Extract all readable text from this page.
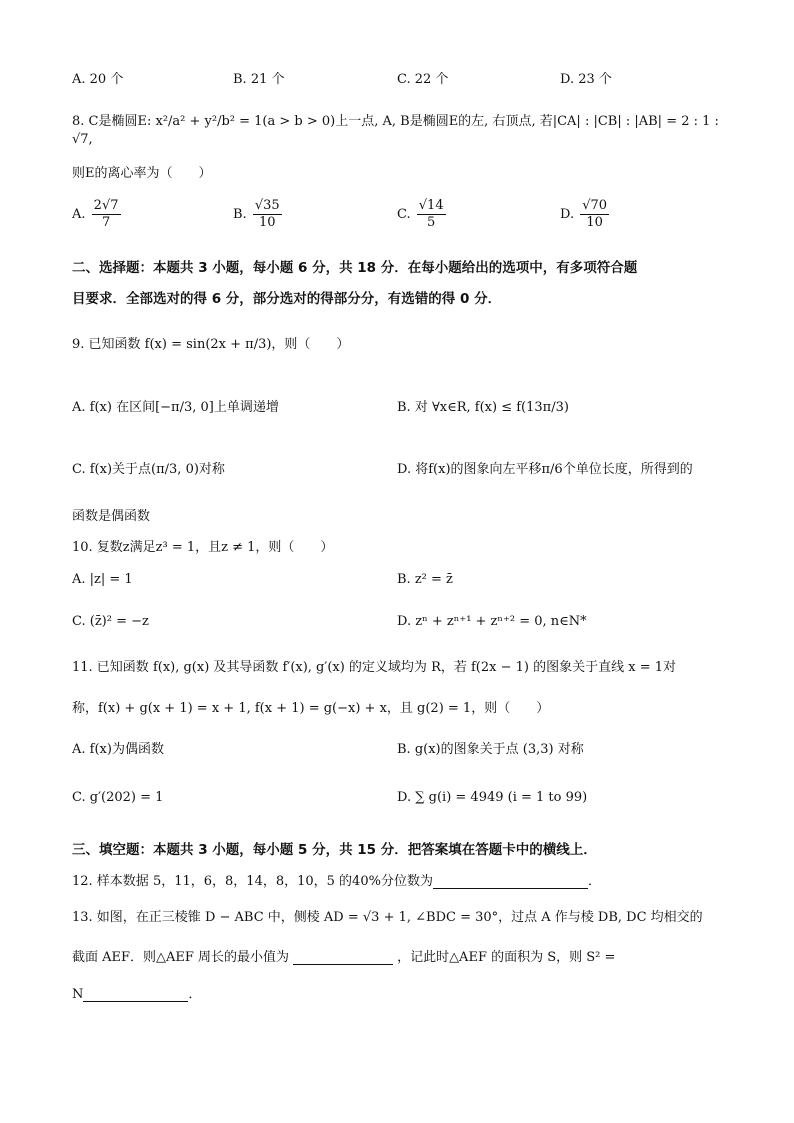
A. 20 个	B. 21 个	C. 22 个	D. 23 个
8. C是椭圆E: x²/a² + y²/b² = 1(a > b > 0)上一点, A, B是椭圆E的左, 右顶点, 若|CA| : |CB| : |AB| = 2 : 1 : √7,
则E的离心率为（　　）
A. $\frac{2√7}{7}$	B. $\frac{√35}{10}$	C. $\frac{√14}{5}$	D. $\frac{√70}{10}$
二、选择题：本题共 3 小题，每小题 6 分，共 18 分．在每小题给出的选项中，有多项符合题
目要求．全部选对的得 6 分，部分选对的得部分分，有选错的得 0 分．
9. 已知函数 f(x) = sin(2x + π/3)，则（　　）
A. f(x) 在区间[−π/3, 0]上单调递增	B. 对 ∀x∈R, f(x) ≤ f(13π/3)
C. f(x)关于点(π/3, 0)对称	D. 将f(x)的图象向左平移π/6个单位长度，所得到的
函数是偶函数
10. 复数z满足z³ = 1，且z ≠ 1，则（　　）
A. |z| = 1	B. z² = z̄
C. (z̄)² = −z	D. zⁿ + zⁿ⁺¹ + zⁿ⁺² = 0, n∈N*
11. 已知函数 f(x), g(x) 及其导函数 f′(x), g′(x) 的定义域均为 R，若 f(2x − 1) 的图象关于直线 x = 1对
称，f(x) + g(x + 1) = x + 1, f(x + 1) = g(−x) + x，且 g(2) = 1，则（　　）
A. f(x)为偶函数	B. g(x)的图象关于点 (3,3) 对称
C. g′(202) = 1	D. ∑ g(i) = 4949 (i = 1 to 99)
三、填空题：本题共 3 小题，每小题 5 分，共 15 分．把答案填在答题卡中的横线上．
12. 样本数据 5，11，6，8，14，8，10，5 的40%分位数为	．
13. 如图，在正三棱锥 D − ABC 中，侧棱 AD = √3 + 1, ∠BDC = 30°，过点 A 作与棱 DB, DC 均相交的
截面 AEF．则△AEF 周长的最小值为	，记此时△AEF 的面积为 S，则 S² =
N	．
